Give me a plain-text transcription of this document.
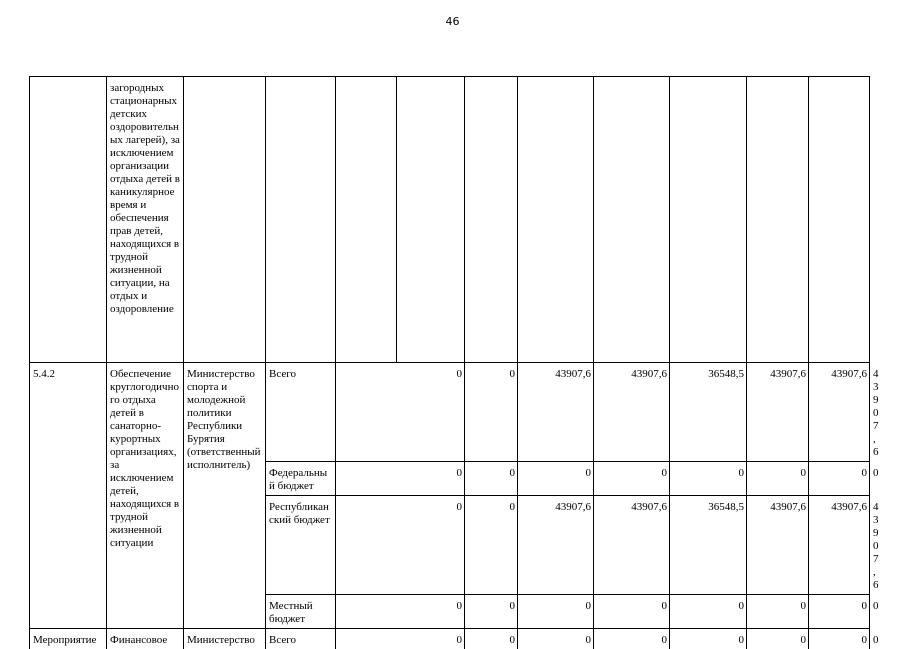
46
	загородных стационарных детских оздоровительных лагерей), за исключением организации отдыха детей в каникулярное время и обеспечения прав детей, находящихся в трудной жизненной ситуации, на отдых и оздоровление											
5.4.2	Обеспечение круглогодичного отдыха детей в санаторно-курортных организациях, за исключением детей, находящихся в трудной жизненной ситуации	Министерство спорта и молодежной политики Республики Бурятия (ответственный исполнитель)	Всего	0		0	43907,6	43907,6	36548,5	43907,6	43907,6	43907,6
			Федеральный бюджет	0		0	0	0	0	0	0	0
			Республиканский бюджет	0		0	43907,6	43907,6	36548,5	43907,6	43907,6	43907,6
			Местный бюджет	0		0	0	0	0	0	0	0
Мероприятие	Финансовое	Министерство	Всего	0		0	0	0	0	0	0	0
